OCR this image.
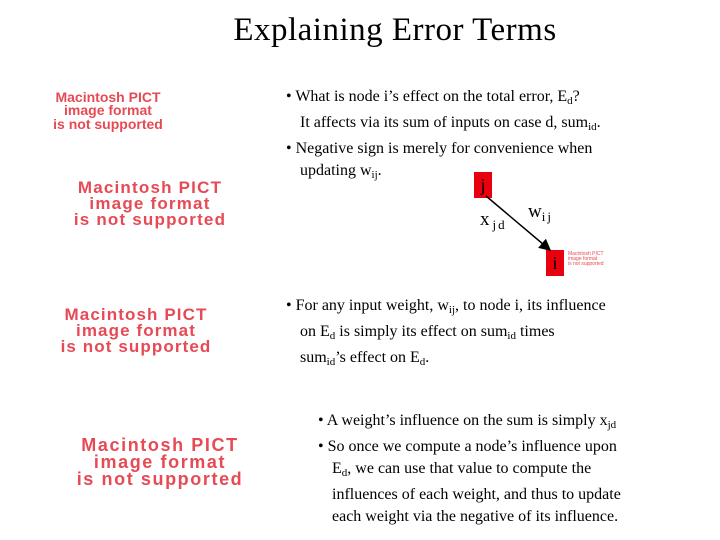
Explaining Error Terms
Macintosh PICT
image format
is not supported
Macintosh PICT
image format
is not supported
Macintosh PICT
image format
is not supported
Macintosh PICT
image format
is not supported
Macintosh PICT
image format
is not supported

• What is node i’s effect on the total error, $E_d$?

It affects via its sum of inputs on case d, sum$_{id}$.

• Negative sign is merely for convenience when

updating $w_{ij}$.

j
i
$x_{jd}$
$w_{ij}$

• For any input weight, $w_{ij}$, to node i, its influence

on $E_d$ is simply its effect on sum$_{id}$ times

sum$_{id}$’s effect on $E_d$.

• A weight’s influence on the sum is simply $x_{jd}$

• So once we compute a node’s influence upon

$E_d$, we can use that value to compute the

influences of each weight, and thus to update

each weight via the negative of its influence.
